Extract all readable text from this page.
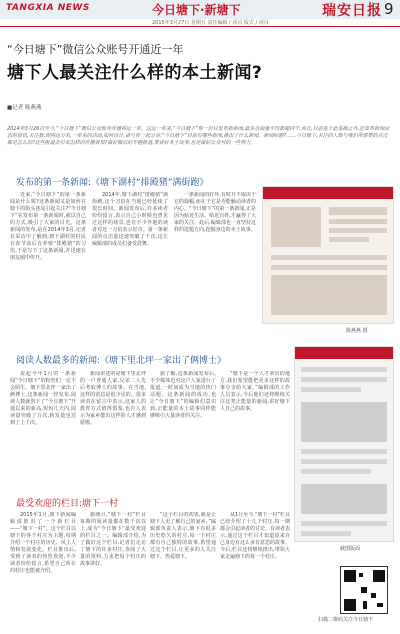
TANGXIA NEWS	今日塘下·新塘下	瑞安日报 9
2015年3月27日 星期五 责任编辑 / 项目 版式 / 项目
“今日塘下”微信公众账号开通近一年
塘下人最关注什么样的本土新闻?
■记者 陈燕燕
2014年3月26日至今,“今日塘下”微信公众账号开通将近一年。这近一年来,“今日塘下”每一份日发布新新闻,最多点阅量平均都超四千,而且,目前基于此基础之外,还发布新闻动态的资讯,关注数,即将达万名,一年来的活动,如何设计,请与你一起分享:“今日塘下”目前有哪些新闻,推出了什么新闻、新闻标题?……今日塘下,关注的人数与我们所需要的点击都是怎么的?这些报道会引来怎样的传播效果?做好微信的专题报道,要讲好本土故事,也是做好公众号的一些努力。
发布的第一条新闻:《塘下湖村“排殿猪”满街跑》

近来,“今日塘下”的第一条新闻是什么呢?这条新闻又是如何在塘下的街头巷尾引起关注?“今日塘下”在发布第一条新闻时,就以自己的方式,吸引了大家的目光。这条新闻的发布,是在2014年3月,记者在采访中了解到,塘下湖村的村民在春节前后有养殖“排殿猪”的习俗,于是写下了这条新闻,并迅速在朋友圈中传开。

2014年,塘下湖村“排殿猪”满街跑,这个习俗在当地已经延续了很长时间。新闻发布后,许多读者纷纷留言,表示自己小时候也曾见过这样的场景,也有不少外地的读者对这一习俗表示好奇。第一条新闻的点击量迅速突破了千次,这让编辑部的成员们备受鼓舞。

一条新闻的好坏,有时并不取决于它的篇幅,而在于它是否能触动读者的内心。“今日塘下”的第一条新闻,正是因为贴近生活、贴近百姓,才赢得了大家的关注。此后,编辑部也一直坚持这样的选题方向,挖掘身边的本土故事。

陈燕燕 摄
阅读人数最多的新闻:《塘下里北坪一家出了俩博士》

说起今年1月的一条新闻“今日塘下”的粉丝们一定不会陌生。塘下里北坪一家出了俩博士,这条新闻一经发布,阅读人数就创下了“今日塘下”开通以来的新高,短短几天内,阅读量突破了万次,转发量也达到了上千次。

新闻讲述的是塘下里北坪的一户普通人家,兄弟二人先后考取博士的故事。在当地,这样的消息是很少见的。很多读者在留言中表示,这家人的教育方式值得借鉴,也有人表示为家乡能出这样的人才感到骄傲。

据了解,这条新闻发布后,不少媒体也对这户人家进行了报道,一时间成为当地的热门话题。这条新闻的成功,也让“今日塘下”的编辑们意识到,正能量的本土故事同样能够吸引大量读者的关注。

“塘下是一个人才辈出的地方,我们希望能把更多这样的故事分享给大家。”编辑部的工作人员表示,今后他们还将继续关注这类正能量的新闻,讲好塘下人自己的故事。

截图版面
最受欢迎的栏目:塘下一村

2015年1月,塘下新闻编辑部推出了一个新栏目——“塘下一村”。这个栏目以塘下的各个村庄为主题,每期介绍一个村庄的历史、风土人情和发展变化。栏目推出后,受到了读者的热烈欢迎,不少读者纷纷留言,希望自己所在的村庄也能被介绍。

据统计,“塘下一村”栏目每期的阅读量都在数千次以上,成为“今日塘下”最受欢迎的栏目之一。编辑部介绍,为了做好这个栏目,记者们走访了塘下的许多村庄,查阅了大量的资料,力求把每个村庄的故事讲好。

“这个栏目的初衷,就是让塘下人更了解自己的家乡。”编辑部负责人表示,塘下有很多历史悠久的村庄,每一个村庄都有自己独特的故事,希望通过这个栏目,让更多的人关注塘下、热爱塘下。

从1月至今,“塘下一村”栏目已经介绍了十几个村庄,每一期都会引起读者的讨论。有读者表示,通过这个栏目才知道原来自己身边有这么多有意思的故事。今后,栏目还将继续推出,带领大家走遍塘下的每一个村庄。

扫描二维码关注今日塘下
